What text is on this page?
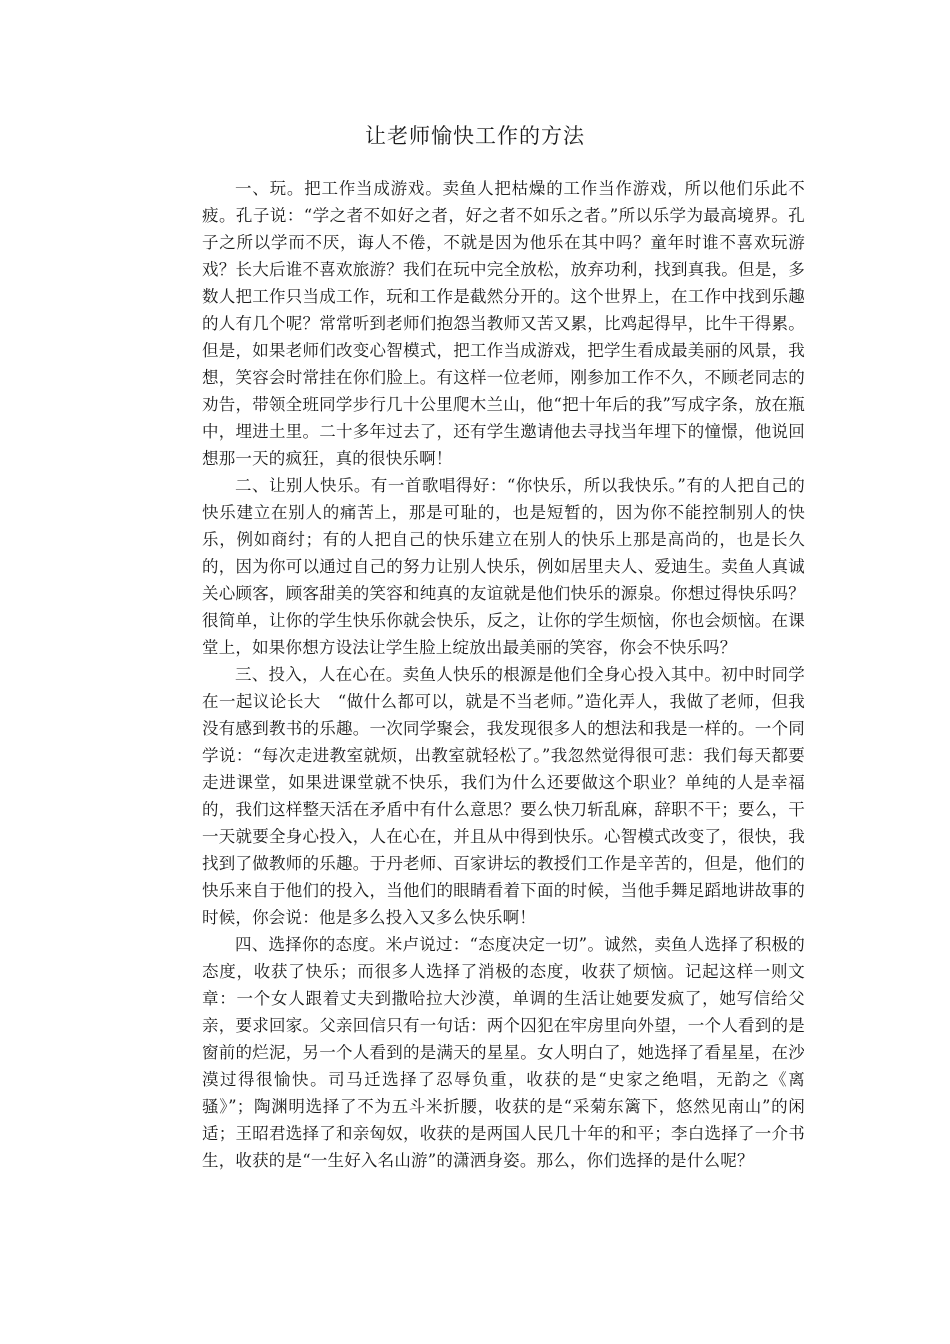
让老师愉快工作的方法

一、玩。把工作当成游戏。卖鱼人把枯燥的工作当作游戏，所以他们乐此不疲。孔子说：“学之者不如好之者，好之者不如乐之者。”所以乐学为最高境界。孔子之所以学而不厌，诲人不倦，不就是因为他乐在其中吗？童年时谁不喜欢玩游戏？长大后谁不喜欢旅游？我们在玩中完全放松，放弃功利，找到真我。但是，多数人把工作只当成工作，玩和工作是截然分开的。这个世界上，在工作中找到乐趣的人有几个呢？常常听到老师们抱怨当教师又苦又累，比鸡起得早，比牛干得累。但是，如果老师们改变心智模式，把工作当成游戏，把学生看成最美丽的风景，我想，笑容会时常挂在你们脸上。有这样一位老师，刚参加工作不久，不顾老同志的劝告，带领全班同学步行几十公里爬木兰山，他“把十年后的我”写成字条，放在瓶中，埋进土里。二十多年过去了，还有学生邀请他去寻找当年埋下的憧憬，他说回想那一天的疯狂，真的很快乐啊！

二、让别人快乐。有一首歌唱得好：“你快乐，所以我快乐。”有的人把自己的快乐建立在别人的痛苦上，那是可耻的，也是短暂的，因为你不能控制别人的快乐，例如商纣；有的人把自己的快乐建立在别人的快乐上那是高尚的，也是长久的，因为你可以通过自己的努力让别人快乐，例如居里夫人、爱迪生。卖鱼人真诚关心顾客，顾客甜美的笑容和纯真的友谊就是他们快乐的源泉。你想过得快乐吗？很简单，让你的学生快乐你就会快乐，反之，让你的学生烦恼，你也会烦恼。在课堂上，如果你想方设法让学生脸上绽放出最美丽的笑容，你会不快乐吗？

三、投入，人在心在。卖鱼人快乐的根源是他们全身心投入其中。初中时同学在一起议论长大　“做什么都可以，就是不当老师。”造化弄人，我做了老师，但我没有感到教书的乐趣。一次同学聚会，我发现很多人的想法和我是一样的。一个同学说：“每次走进教室就烦，出教室就轻松了。”我忽然觉得很可悲：我们每天都要走进课堂，如果进课堂就不快乐，我们为什么还要做这个职业？单纯的人是幸福的，我们这样整天活在矛盾中有什么意思？要么快刀斩乱麻，辞职不干；要么，干一天就要全身心投入，人在心在，并且从中得到快乐。心智模式改变了，很快，我找到了做教师的乐趣。于丹老师、百家讲坛的教授们工作是辛苦的，但是，他们的快乐来自于他们的投入，当他们的眼睛看着下面的时候，当他手舞足蹈地讲故事的时候，你会说：他是多么投入又多么快乐啊！

四、选择你的态度。米卢说过：“态度决定一切”。诚然，卖鱼人选择了积极的态度，收获了快乐；而很多人选择了消极的态度，收获了烦恼。记起这样一则文章：一个女人跟着丈夫到撒哈拉大沙漠，单调的生活让她要发疯了，她写信给父亲，要求回家。父亲回信只有一句话：两个囚犯在牢房里向外望，一个人看到的是窗前的烂泥，另一个人看到的是满天的星星。女人明白了，她选择了看星星，在沙漠过得很愉快。司马迁选择了忍辱负重，收获的是“史家之绝唱，无韵之《离骚》”；陶渊明选择了不为五斗米折腰，收获的是“采菊东篱下，悠然见南山”的闲适；王昭君选择了和亲匈奴，收获的是两国人民几十年的和平；李白选择了一介书生，收获的是“一生好入名山游”的潇洒身姿。那么，你们选择的是什么呢？
